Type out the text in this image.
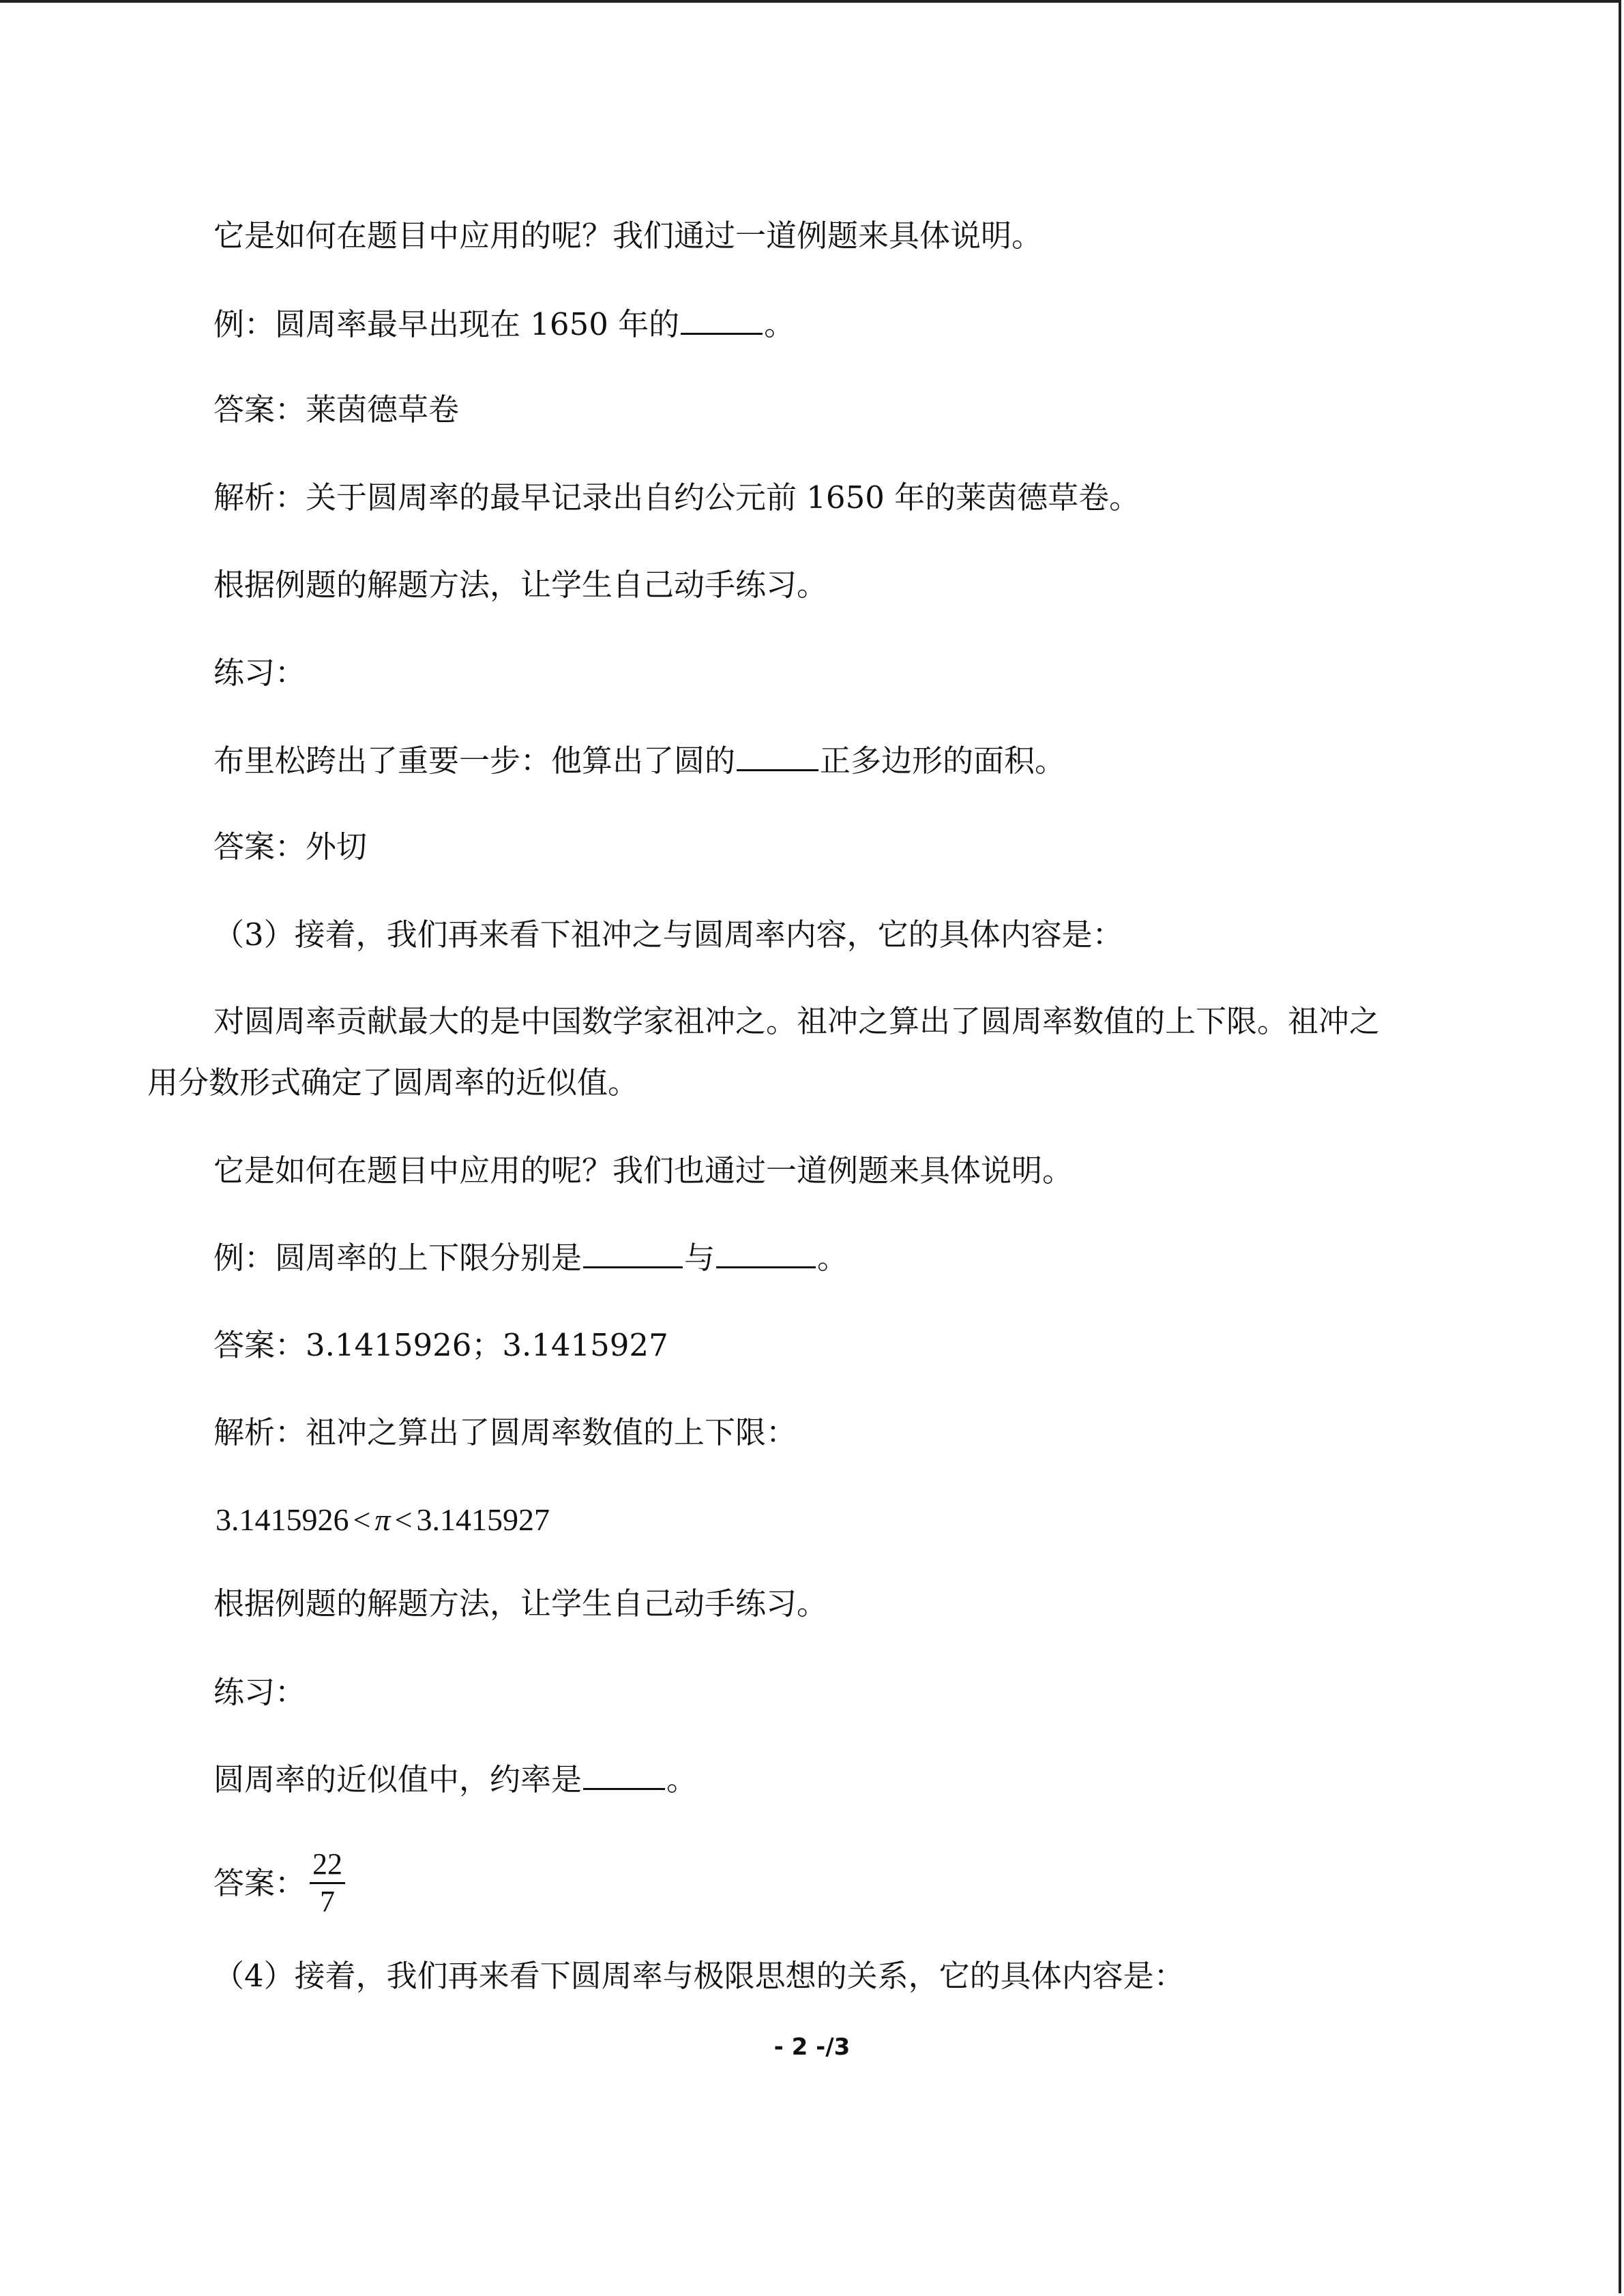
它是如何在题目中应用的呢？我们通过一道例题来具体说明。
例：圆周率最早出现在 1650 年的	。
答案：莱茵德草卷
解析：关于圆周率的最早记录出自约公元前 1650 年的莱茵德草卷。
根据例题的解题方法，让学生自己动手练习。
练习：
布里松跨出了重要一步：他算出了圆的	正多边形的面积。
答案：外切
（3）接着，我们再来看下祖冲之与圆周率内容，它的具体内容是：
对圆周率贡献最大的是中国数学家祖冲之。祖冲之算出了圆周率数值的上下限。祖冲之
用分数形式确定了圆周率的近似值。
它是如何在题目中应用的呢？我们也通过一道例题来具体说明。
例：圆周率的上下限分别是	与	。
答案：3.1415926；3.1415927
解析：祖冲之算出了圆周率数值的上下限：
3.1415926 < π < 3.1415927
根据例题的解题方法，让学生自己动手练习。
练习：
圆周率的近似值中，约率是	。
答案： $\frac{22}{7}$
（4）接着，我们再来看下圆周率与极限思想的关系，它的具体内容是：
- 2 -/3
